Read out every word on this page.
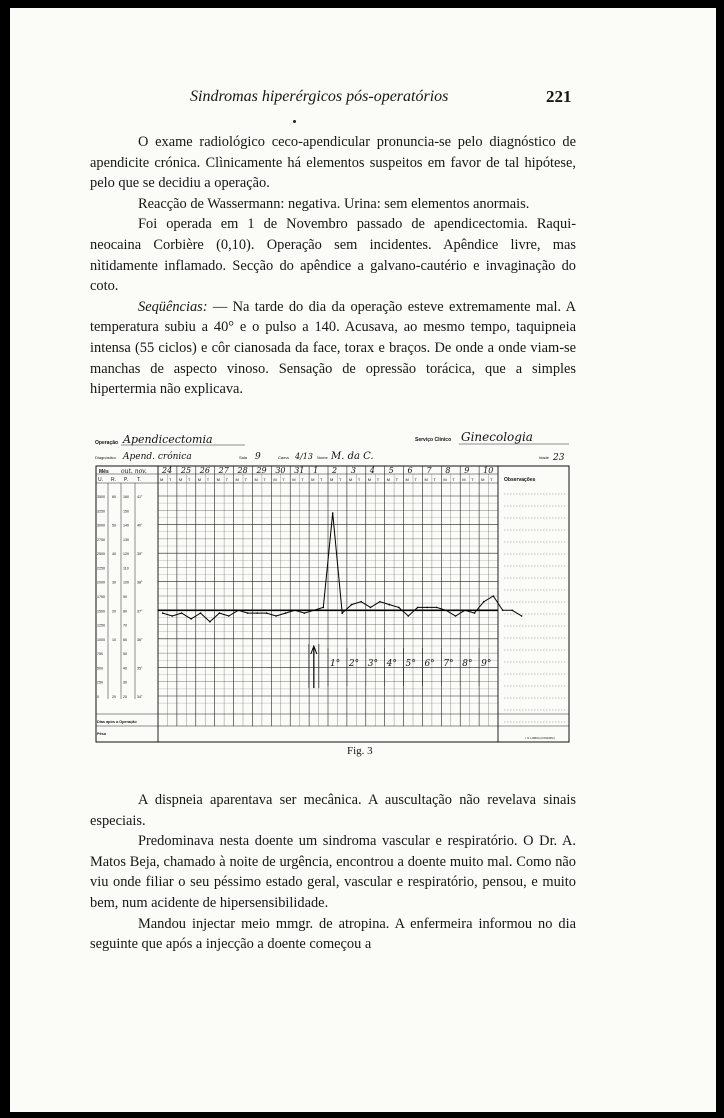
Sindromas hiperérgicos pós-operatórios	221

O exame radiológico ceco-apendicular pronuncia-se pelo diagnóstico de apendicite crónica. Clìnicamente há elementos suspeitos em favor de tal hipótese, pelo que se decidiu a operação.

Reacção de Wassermann: negativa. Urina: sem elementos anormais.

Foi operada em 1 de Novembro passado de apendicectomia. Raqui-neocaina Corbière (0,10). Operação sem incidentes. Apêndice livre, mas nìtidamente inflamado. Secção do apêndice a galvano-cautério e invaginação do coto.

Seqüências: — Na tarde do dia da operação esteve extremamente mal. A temperatura subiu a 40° e o pulso a 140. Acusava, ao mesmo tempo, taquipneia intensa (55 ciclos) e côr cianosada da face, torax e braços. De onde a onde viam-se manchas de aspecto vinoso. Sensação de opressão torácica, que a simples hipertermia não explicava.

Operação Apendicectomia
Diagnóstico Apend. crónica	Sala 9	Cama 4/13 Nome M. da C.
Serviço Clínico Ginecologia
Idade 23
Mês out. nov.
Observações
U. R. P. T.
24 25 26 27 28 29 30 31 1 2 3 4 5 6 7 8 9 10
M T M T M T M T M T M T M T M T M T M T M T M T M T M T M T M T M T M T
3500 60 160 41°
3250	150
3000 50 140 40°
2750	130
2500 40 120 39°
2250	110
2000 30 100 38°
1750	90
1500 20 80	37°
1250	70
1000 10 60	36°
750	50
500	40	35°
250	30
0	20 20	34°
Dias após a Operação
Pêso
I. N. LISBOA (CONFIRM.)
1° 2° 3° 4° 5° 6° 7° 8° 9°
Fig. 3

A dispneia aparentava ser mecânica. A auscultação não revelava sinais especiais.

Predominava nesta doente um sindroma vascular e respiratório. O Dr. A. Matos Beja, chamado à noite de urgência, encontrou a doente muito mal. Como não viu onde filiar o seu péssimo estado geral, vascular e respiratório, pensou, e muito bem, num acidente de hipersensibilidade.

Mandou injectar meio mmgr. de atropina. A enfermeira informou no dia seguinte que após a injecção a doente começou a
